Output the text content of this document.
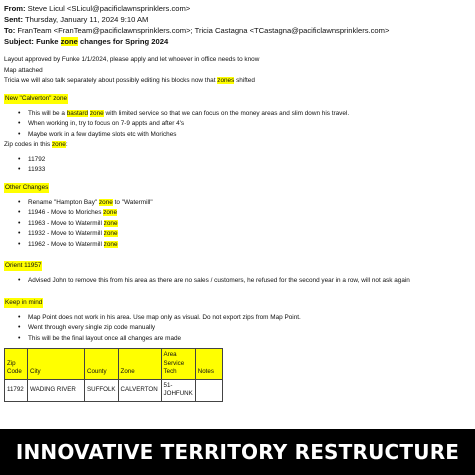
From: Steve Licul <SLicul@pacificlawnsprinklers.com>
Sent: Thursday, January 11, 2024 9:10 AM
To: FranTeam <FranTeam@pacificlawnsprinklers.com>; Tricia Castagna <TCastagna@pacificlawnsprinklers.com>
Subject: Funke zone changes for Spring 2024

Layout approved by Funke 1/1/2024, please apply and let whoever in office needs to know

Map attached

Tricia we will also talk separately about possibly editing his blocks now that zones shifted

New "Calverton" zone
• This will be a bastard zone with limited service so that we can focus on the money areas and slim down his travel.
• When working in, try to focus on 7-9 appts and after 4's
• Maybe work in a few daytime slots etc with Moriches

Zip codes in this zone:

• 11792
• 11933
Other Changes
• Rename "Hampton Bay" zone to "Watermill"
• 11946 - Move to Moriches zone
• 11963 - Move to Watermill zone
• 11932 - Move to Watermill zone
• 11962 - Move to Watermill zone
Orient 11957
• Advised John to remove this from his area as there are no sales / customers, he refused for the second year in a row, will not ask again
Keep in mind
• Map Point does not work in his area. Use map only as visual. Do not export zips from Map Point.
• Went through every single zip code manually
• This will be the final layout once all changes are made
Zip Code	City	County	Zone	Area Service Tech	Notes
11792	WADING RIVER	SUFFOLK	CALVERTON	51-JOHFUNK	
INNOVATIVE TERRITORY RESTRUCTURE
